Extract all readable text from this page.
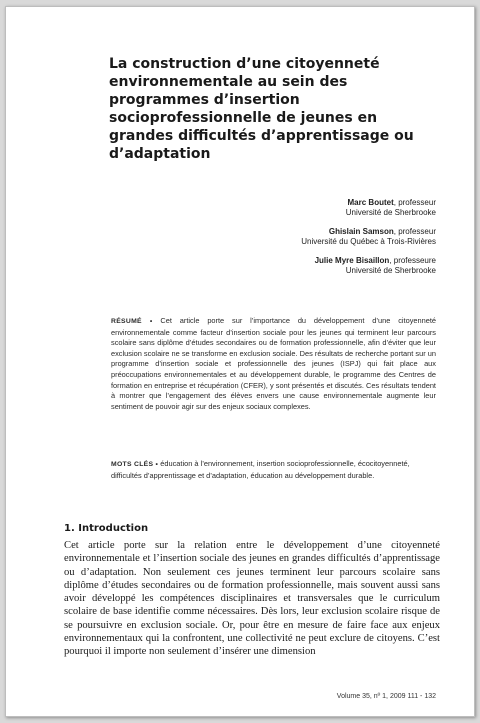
La construction d’une citoyenneté environnementale au sein des programmes d’insertion socioprofessionnelle de jeunes en grandes difficultés d’apprentissage ou d’adaptation
Marc Boutet, professeur
Université de Sherbrooke
Ghislain Samson, professeur
Université du Québec à Trois-Rivières
Julie Myre Bisaillon, professeure
Université de Sherbrooke
RÉSUMÉ • Cet article porte sur l’importance du développement d’une citoyenneté environnementale comme facteur d’insertion sociale pour les jeunes qui terminent leur parcours scolaire sans diplôme d’études secondaires ou de formation professionnelle, afin d’éviter que leur exclusion scolaire ne se transforme en exclusion sociale. Des résultats de recherche portant sur un programme d’insertion sociale et professionnelle des jeunes (ISPJ) qui fait place aux préoccupations environnementales et au développement durable, le programme des Centres de formation en entreprise et récupération (CFER), y sont présentés et discutés. Ces résultats tendent à montrer que l’engagement des élèves envers une cause environnementale augmente leur sentiment de pouvoir agir sur des enjeux sociaux complexes.
MOTS CLÉS • éducation à l’environnement, insertion socioprofessionnelle, écocitoyenneté, difficultés d’apprentissage et d’adaptation, éducation au développement durable.
1. Introduction

Cet article porte sur la relation entre le développement d’une citoyenneté environnementale et l’insertion sociale des jeunes en grandes difficultés d’apprentissage ou d’adaptation. Non seulement ces jeunes terminent leur parcours scolaire sans diplôme d’études secondaires ou de formation professionnelle, mais souvent aussi sans avoir développé les compétences disciplinaires et transversales que le curriculum scolaire de base identifie comme nécessaires. Dès lors, leur exclusion scolaire risque de se poursuivre en exclusion sociale. Or, pour être en mesure de faire face aux enjeux environnementaux qui la confrontent, une collectivité ne peut exclure de citoyens. C’est pourquoi il importe non seulement d’insérer une dimension

Volume 35, nº 1, 2009 111 - 132
